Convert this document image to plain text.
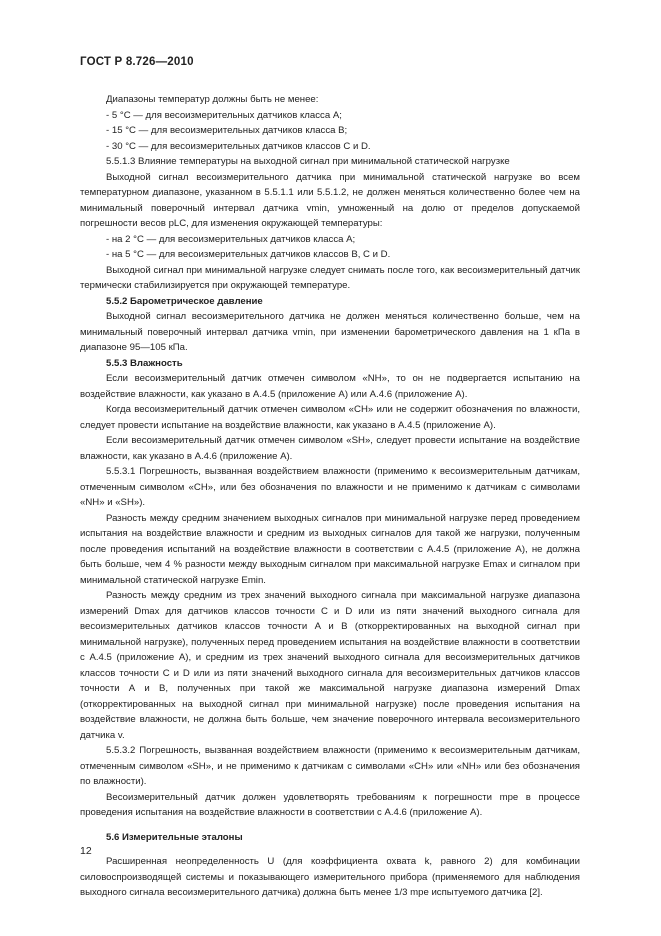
ГОСТ Р 8.726—2010

Диапазоны температур должны быть не менее:

- 5 °С — для весоизмерительных датчиков класса А;

- 15 °С — для весоизмерительных датчиков класса В;

- 30 °С — для весоизмерительных датчиков классов С и D.

5.5.1.3 Влияние температуры на выходной сигнал при минимальной статической нагрузке

Выходной сигнал весоизмерительного датчика при минимальной статической нагрузке во всем температурном диапазоне, указанном в 5.5.1.1 или 5.5.1.2, не должен меняться количественно более чем на минимальный поверочный интервал датчика vmin, умноженный на долю от пределов допускаемой погрешности весов pLC, для изменения окружающей температуры:

- на 2 °С — для весоизмерительных датчиков класса А;

- на 5 °С — для весоизмерительных датчиков классов В, С и D.

Выходной сигнал при минимальной нагрузке следует снимать после того, как весоизмерительный датчик термически стабилизируется при окружающей температуре.

5.5.2 Барометрическое давление

Выходной сигнал весоизмерительного датчика не должен меняться количественно больше, чем на минимальный поверочный интервал датчика vmin, при изменении барометрического давления на 1 кПа в диапазоне 95—105 кПа.

5.5.3 Влажность

Если весоизмерительный датчик отмечен символом «NH», то он не подвергается испытанию на воздействие влажности, как указано в А.4.5 (приложение А) или А.4.6 (приложение А).

Когда весоизмерительный датчик отмечен символом «СН» или не содержит обозначения по влажности, следует провести испытание на воздействие влажности, как указано в А.4.5 (приложение А).

Если весоизмерительный датчик отмечен символом «SH», следует провести испытание на воздействие влажности, как указано в А.4.6 (приложение А).

5.5.3.1 Погрешность, вызванная воздействием влажности (применимо к весоизмерительным датчикам, отмеченным символом «СН», или без обозначения по влажности и не применимо к датчикам с символами «NH» и «SH»).

Разность между средним значением выходных сигналов при минимальной нагрузке перед проведением испытания на воздействие влажности и средним из выходных сигналов для такой же нагрузки, полученным после проведения испытаний на воздействие влажности в соответствии с А.4.5 (приложение А), не должна быть больше, чем 4 % разности между выходным сигналом при максимальной нагрузке Emax и сигналом при минимальной статической нагрузке Emin.

Разность между средним из трех значений выходного сигнала при максимальной нагрузке диапазона измерений Dmax для датчиков классов точности С и D или из пяти значений выходного сигнала для весоизмерительных датчиков классов точности А и В (откорректированных на выходной сигнал при минимальной нагрузке), полученных перед проведением испытания на воздействие влажности в соответствии с А.4.5 (приложение А), и средним из трех значений выходного сигнала для весоизмерительных датчиков классов точности С и D или из пяти значений выходного сигнала для весоизмерительных датчиков классов точности А и В, полученных при такой же максимальной нагрузке диапазона измерений Dmax (откорректированных на выходной сигнал при минимальной нагрузке) после проведения испытания на воздействие влажности, не должна быть больше, чем значение поверочного интервала весоизмерительного датчика v.

5.5.3.2 Погрешность, вызванная воздействием влажности (применимо к весоизмерительным датчикам, отмеченным символом «SH», и не применимо к датчикам с символами «СН» или «NH» или без обозначения по влажности).

Весоизмерительный датчик должен удовлетворять требованиям к погрешности mpe в процессе проведения испытания на воздействие влажности в соответствии с А.4.6 (приложение А).

5.6 Измерительные эталоны

Расширенная неопределенность U (для коэффициента охвата k, равного 2) для комбинации силовоспроизводящей системы и показывающего измерительного прибора (применяемого для наблюдения выходного сигнала весоизмерительного датчика) должна быть менее 1/3 mpe испытуемого датчика [2].

12
